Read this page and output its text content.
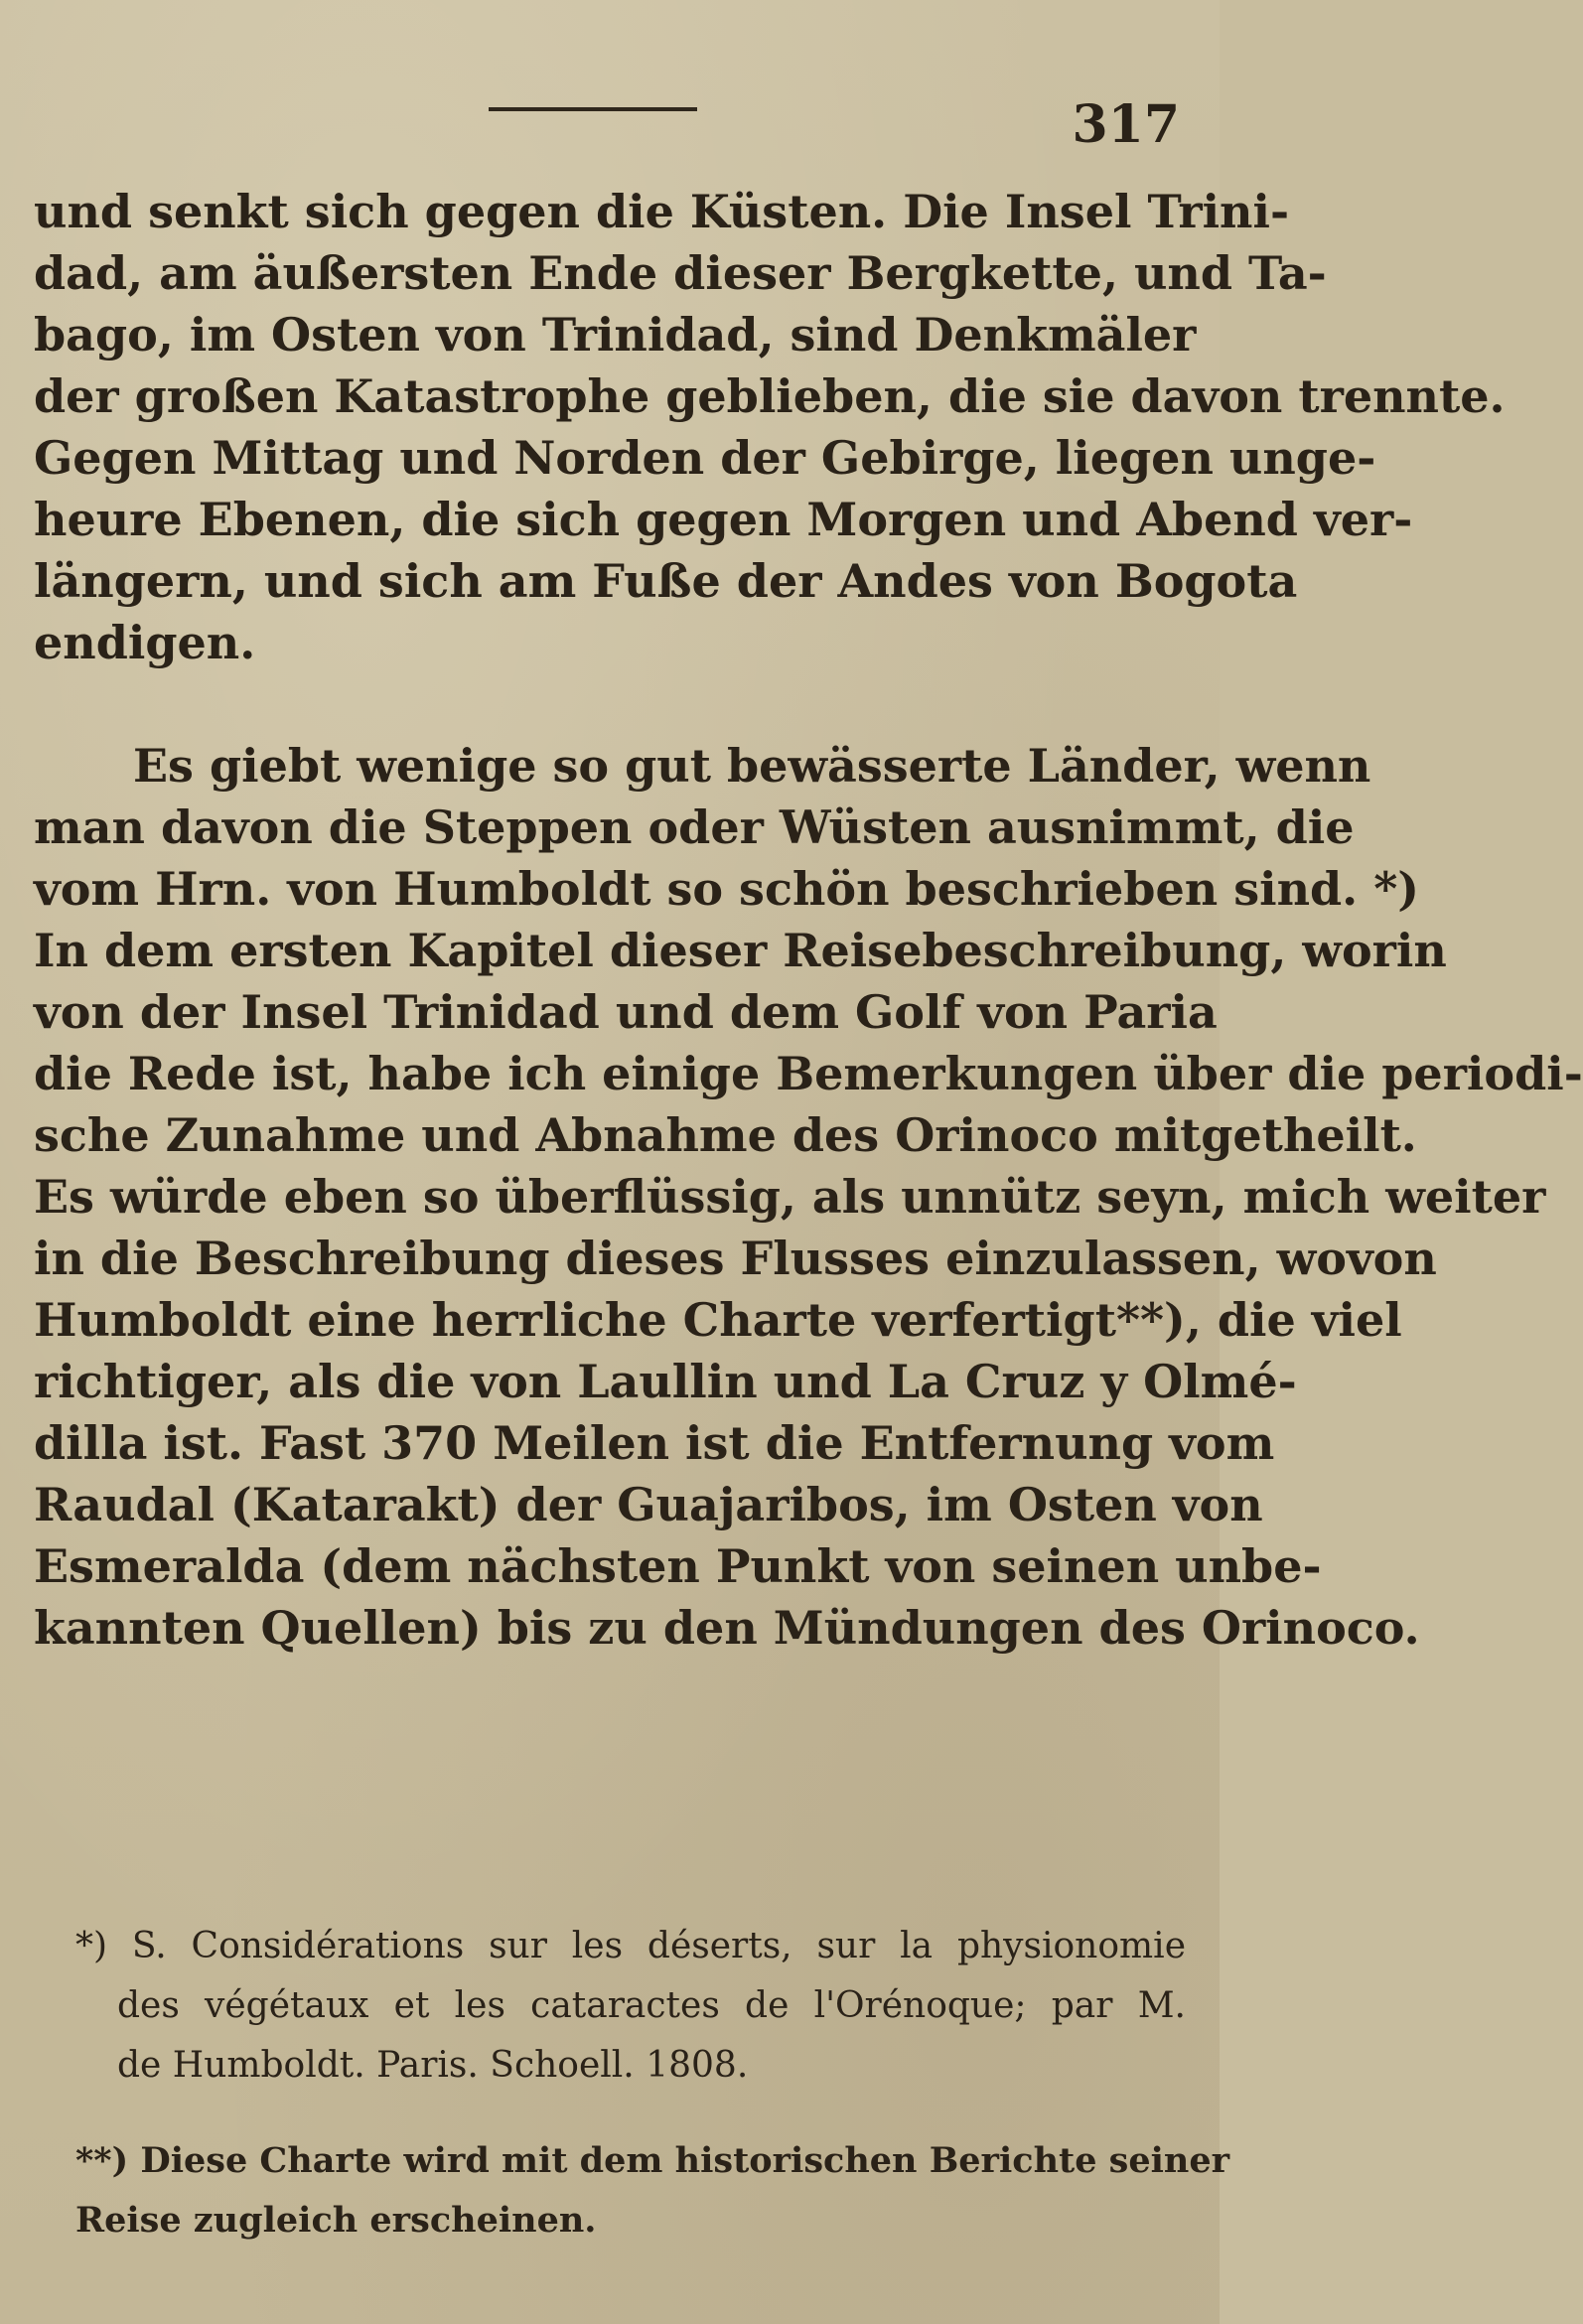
317
und senkt sich gegen die Küsten. Die Insel Trini-
dad, am äußersten Ende dieser Bergkette, und Ta-
bago, im Osten von Trinidad, sind Denkmäler
der großen Katastrophe geblieben, die sie davon trennte.
Gegen Mittag und Norden der Gebirge, liegen unge-
heure Ebenen, die sich gegen Morgen und Abend ver-
längern, und sich am Fuße der Andes von Bogota
endigen.
Es giebt wenige so gut bewässerte Länder, wenn
man davon die Steppen oder Wüsten ausnimmt, die
vom Hrn. von Humboldt so schön beschrieben sind. *)
In dem ersten Kapitel dieser Reisebeschreibung, worin
von der Insel Trinidad und dem Golf von Paria
die Rede ist, habe ich einige Bemerkungen über die periodi-
sche Zunahme und Abnahme des Orinoco mitgetheilt.
Es würde eben so überflüssig, als unnütz seyn, mich weiter
in die Beschreibung dieses Flusses einzulassen, wovon
Humboldt eine herrliche Charte verfertigt**), die viel
richtiger, als die von Laullin und La Cruz y Olmé-
dilla ist. Fast 370 Meilen ist die Entfernung vom
Raudal (Katarakt) der Guajaribos, im Osten von
Esmeralda (dem nächsten Punkt von seinen unbe-
kannten Quellen) bis zu den Mündungen des Orinoco.
*) S. Considérations sur les déserts, sur la physionomie
des végétaux et les cataractes de l'Orénoque; par M.
de Humboldt. Paris. Schoell. 1808.
**) Diese Charte wird mit dem historischen Berichte seiner
Reise zugleich erscheinen.
